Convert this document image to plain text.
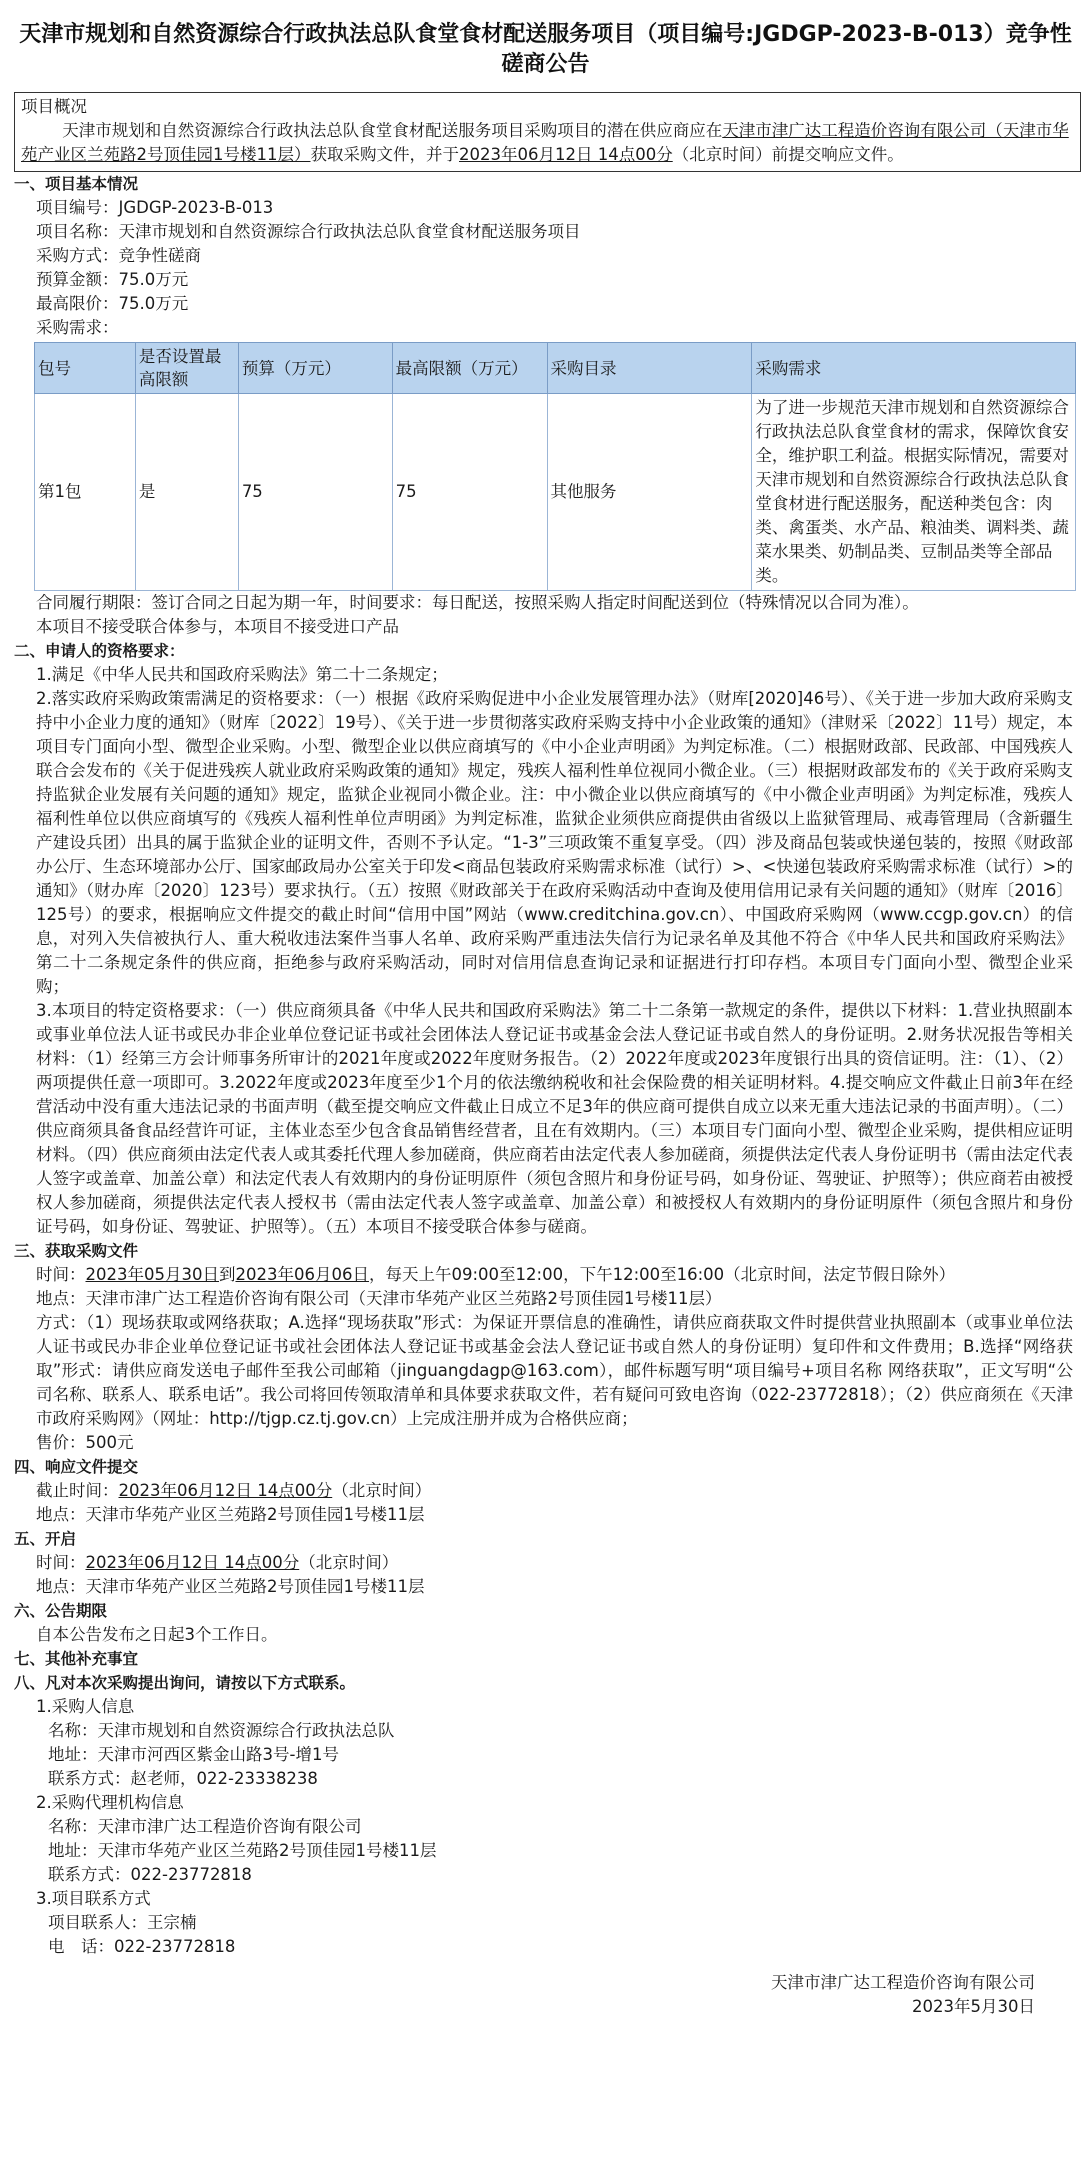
天津市规划和自然资源综合行政执法总队食堂食材配送服务项目（项目编号:JGDGP-2023-B-013）竞争性磋商公告
项目概况
天津市规划和自然资源综合行政执法总队食堂食材配送服务项目采购项目的潜在供应商应在天津市津广达工程造价咨询有限公司（天津市华苑产业区兰苑路2号顶佳园1号楼11层）获取采购文件，并于2023年06月12日 14点00分（北京时间）前提交响应文件。
一、项目基本情况
项目编号：JGDGP-2023-B-013
项目名称：天津市规划和自然资源综合行政执法总队食堂食材配送服务项目
采购方式：竞争性磋商
预算金额：75.0万元
最高限价：75.0万元
采购需求：
包号	是否设置最高限额	预算（万元）	最高限额（万元）	采购目录	采购需求
第1包	是	75	75	其他服务	为了进一步规范天津市规划和自然资源综合行政执法总队食堂食材的需求，保障饮食安全，维护职工利益。根据实际情况，需要对天津市规划和自然资源综合行政执法总队食堂食材进行配送服务，配送种类包含：肉类、禽蛋类、水产品、粮油类、调料类、蔬菜水果类、奶制品类、豆制品类等全部品类。
合同履行期限：签订合同之日起为期一年，时间要求：每日配送，按照采购人指定时间配送到位（特殊情况以合同为准）。
本项目不接受联合体参与，本项目不接受进口产品
二、申请人的资格要求：
1.满足《中华人民共和国政府采购法》第二十二条规定；
2.落实政府采购政策需满足的资格要求：（一）根据《政府采购促进中小企业发展管理办法》（财库[2020]46号）、《关于进一步加大政府采购支持中小企业力度的通知》（财库〔2022〕19号）、《关于进一步贯彻落实政府采购支持中小企业政策的通知》（津财采〔2022〕11号）规定，本项目专门面向小型、微型企业采购。小型、微型企业以供应商填写的《中小企业声明函》为判定标准。（二）根据财政部、民政部、中国残疾人联合会发布的《关于促进残疾人就业政府采购政策的通知》规定，残疾人福利性单位视同小微企业。（三）根据财政部发布的《关于政府采购支持监狱企业发展有关问题的通知》规定，监狱企业视同小微企业。注：中小微企业以供应商填写的《中小微企业声明函》为判定标准，残疾人福利性单位以供应商填写的《残疾人福利性单位声明函》为判定标准，监狱企业须供应商提供由省级以上监狱管理局、戒毒管理局（含新疆生产建设兵团）出具的属于监狱企业的证明文件，否则不予认定。“1-3”三项政策不重复享受。（四）涉及商品包装或快递包装的，按照《财政部办公厅、生态环境部办公厅、国家邮政局办公室关于印发<商品包装政府采购需求标准（试行）>、<快递包装政府采购需求标准（试行）>的通知》（财办库〔2020〕123号）要求执行。（五）按照《财政部关于在政府采购活动中查询及使用信用记录有关问题的通知》（财库〔2016〕125号）的要求，根据响应文件提交的截止时间“信用中国”网站（www.creditchina.gov.cn）、中国政府采购网（www.ccgp.gov.cn）的信息，对列入失信被执行人、重大税收违法案件当事人名单、政府采购严重违法失信行为记录名单及其他不符合《中华人民共和国政府采购法》第二十二条规定条件的供应商，拒绝参与政府采购活动，同时对信用信息查询记录和证据进行打印存档。本项目专门面向小型、微型企业采购；
3.本项目的特定资格要求：（一）供应商须具备《中华人民共和国政府采购法》第二十二条第一款规定的条件，提供以下材料：1.营业执照副本或事业单位法人证书或民办非企业单位登记证书或社会团体法人登记证书或基金会法人登记证书或自然人的身份证明。2.财务状况报告等相关材料：（1）经第三方会计师事务所审计的2021年度或2022年度财务报告。（2）2022年度或2023年度银行出具的资信证明。注：（1）、（2）两项提供任意一项即可。3.2022年度或2023年度至少1个月的依法缴纳税收和社会保险费的相关证明材料。4.提交响应文件截止日前3年在经营活动中没有重大违法记录的书面声明（截至提交响应文件截止日成立不足3年的供应商可提供自成立以来无重大违法记录的书面声明）。（二）供应商须具备食品经营许可证，主体业态至少包含食品销售经营者，且在有效期内。（三）本项目专门面向小型、微型企业采购，提供相应证明材料。（四）供应商须由法定代表人或其委托代理人参加磋商，供应商若由法定代表人参加磋商，须提供法定代表人身份证明书（需由法定代表人签字或盖章、加盖公章）和法定代表人有效期内的身份证明原件（须包含照片和身份证号码，如身份证、驾驶证、护照等）；供应商若由被授权人参加磋商，须提供法定代表人授权书（需由法定代表人签字或盖章、加盖公章）和被授权人有效期内的身份证明原件（须包含照片和身份证号码，如身份证、驾驶证、护照等）。（五）本项目不接受联合体参与磋商。
三、获取采购文件
时间：2023年05月30日到2023年06月06日，每天上午09:00至12:00，下午12:00至16:00（北京时间，法定节假日除外）
地点：天津市津广达工程造价咨询有限公司（天津市华苑产业区兰苑路2号顶佳园1号楼11层）
方式：（1）现场获取或网络获取；A.选择“现场获取”形式：为保证开票信息的准确性，请供应商获取文件时提供营业执照副本（或事业单位法人证书或民办非企业单位登记证书或社会团体法人登记证书或基金会法人登记证书或自然人的身份证明）复印件和文件费用；B.选择“网络获取”形式：请供应商发送电子邮件至我公司邮箱（jinguangdagp@163.com），邮件标题写明“项目编号+项目名称 网络获取”，正文写明“公司名称、联系人、联系电话”。我公司将回传领取清单和具体要求获取文件，若有疑问可致电咨询（022-23772818）；（2）供应商须在《天津市政府采购网》（网址：http://tjgp.cz.tj.gov.cn）上完成注册并成为合格供应商；
售价：500元
四、响应文件提交
截止时间：2023年06月12日 14点00分（北京时间）
地点：天津市华苑产业区兰苑路2号顶佳园1号楼11层
五、开启
时间：2023年06月12日 14点00分（北京时间）
地点：天津市华苑产业区兰苑路2号顶佳园1号楼11层
六、公告期限
自本公告发布之日起3个工作日。
七、其他补充事宜
八、凡对本次采购提出询问，请按以下方式联系。
1.采购人信息
名称：天津市规划和自然资源综合行政执法总队
地址：天津市河西区紫金山路3号-增1号
联系方式：赵老师，022-23338238
2.采购代理机构信息
名称：天津市津广达工程造价咨询有限公司
地址：天津市华苑产业区兰苑路2号顶佳园1号楼11层
联系方式：022-23772818
3.项目联系方式
项目联系人：王宗楠
电　话：022-23772818
天津市津广达工程造价咨询有限公司
2023年5月30日
